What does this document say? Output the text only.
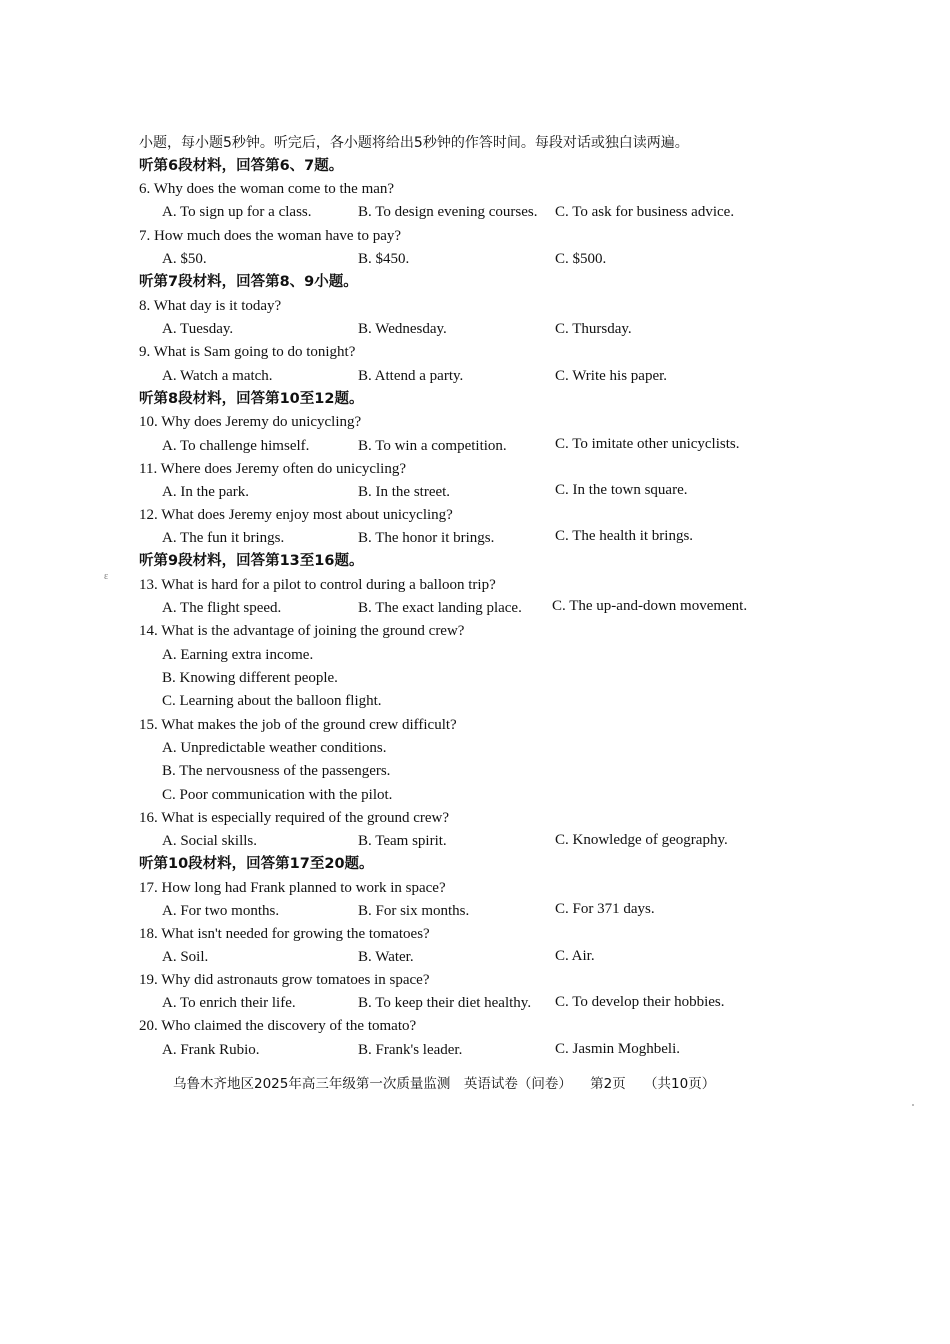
小题，每小题5秒钟。听完后，各小题将给出5秒钟的作答时间。每段对话或独白读两遍。
听第6段材料，回答第6、7题。
6. Why does the woman come to the man?
A. To sign up for a class.	B. To design evening courses. C. To ask for business advice.
7. How much does the woman have to pay?
A. $50.	B. $450.	C. $500.
听第7段材料，回答第8、9小题。
8. What day is it today?
A. Tuesday.	B. Wednesday.	C. Thursday.
9. What is Sam going to do tonight?
A. Watch a match.	B. Attend a party.	C. Write his paper.
听第8段材料，回答第10至12题。
10. Why does Jeremy do unicycling?
A. To challenge himself.	B. To win a competition.	C. To imitate other unicyclists.
11. Where does Jeremy often do unicycling?
A. In the park.	B. In the street.	C. In the town square.
12. What does Jeremy enjoy most about unicycling?
A. The fun it brings.	B. The honor it brings.	C. The health it brings.
听第9段材料，回答第13至16题。
13. What is hard for a pilot to control during a balloon trip?
A. The flight speed.	B. The exact landing place. C. The up-and-down movement.
14. What is the advantage of joining the ground crew?
A. Earning extra income.
B. Knowing different people.
C. Learning about the balloon flight.
15. What makes the job of the ground crew difficult?
A. Unpredictable weather conditions.
B. The nervousness of the passengers.
C. Poor communication with the pilot.
16. What is especially required of the ground crew?
A. Social skills.	B. Team spirit.	C. Knowledge of geography.
听第10段材料，回答第17至20题。
17. How long had Frank planned to work in space?
A. For two months.	B. For six months.	C. For 371 days.
18. What isn't needed for growing the tomatoes?
A. Soil.	B. Water.	C. Air.
19. Why did astronauts grow tomatoes in space?
A. To enrich their life.	B. To keep their diet healthy. C. To develop their hobbies.
20. Who claimed the discovery of the tomato?
A. Frank Rubio.	B. Frank's leader.	C. Jasmin Moghbeli.
乌鲁木齐地区2025年高三年级第一次质量监测　英语试卷（问卷） 第2页 （共10页）
ε
